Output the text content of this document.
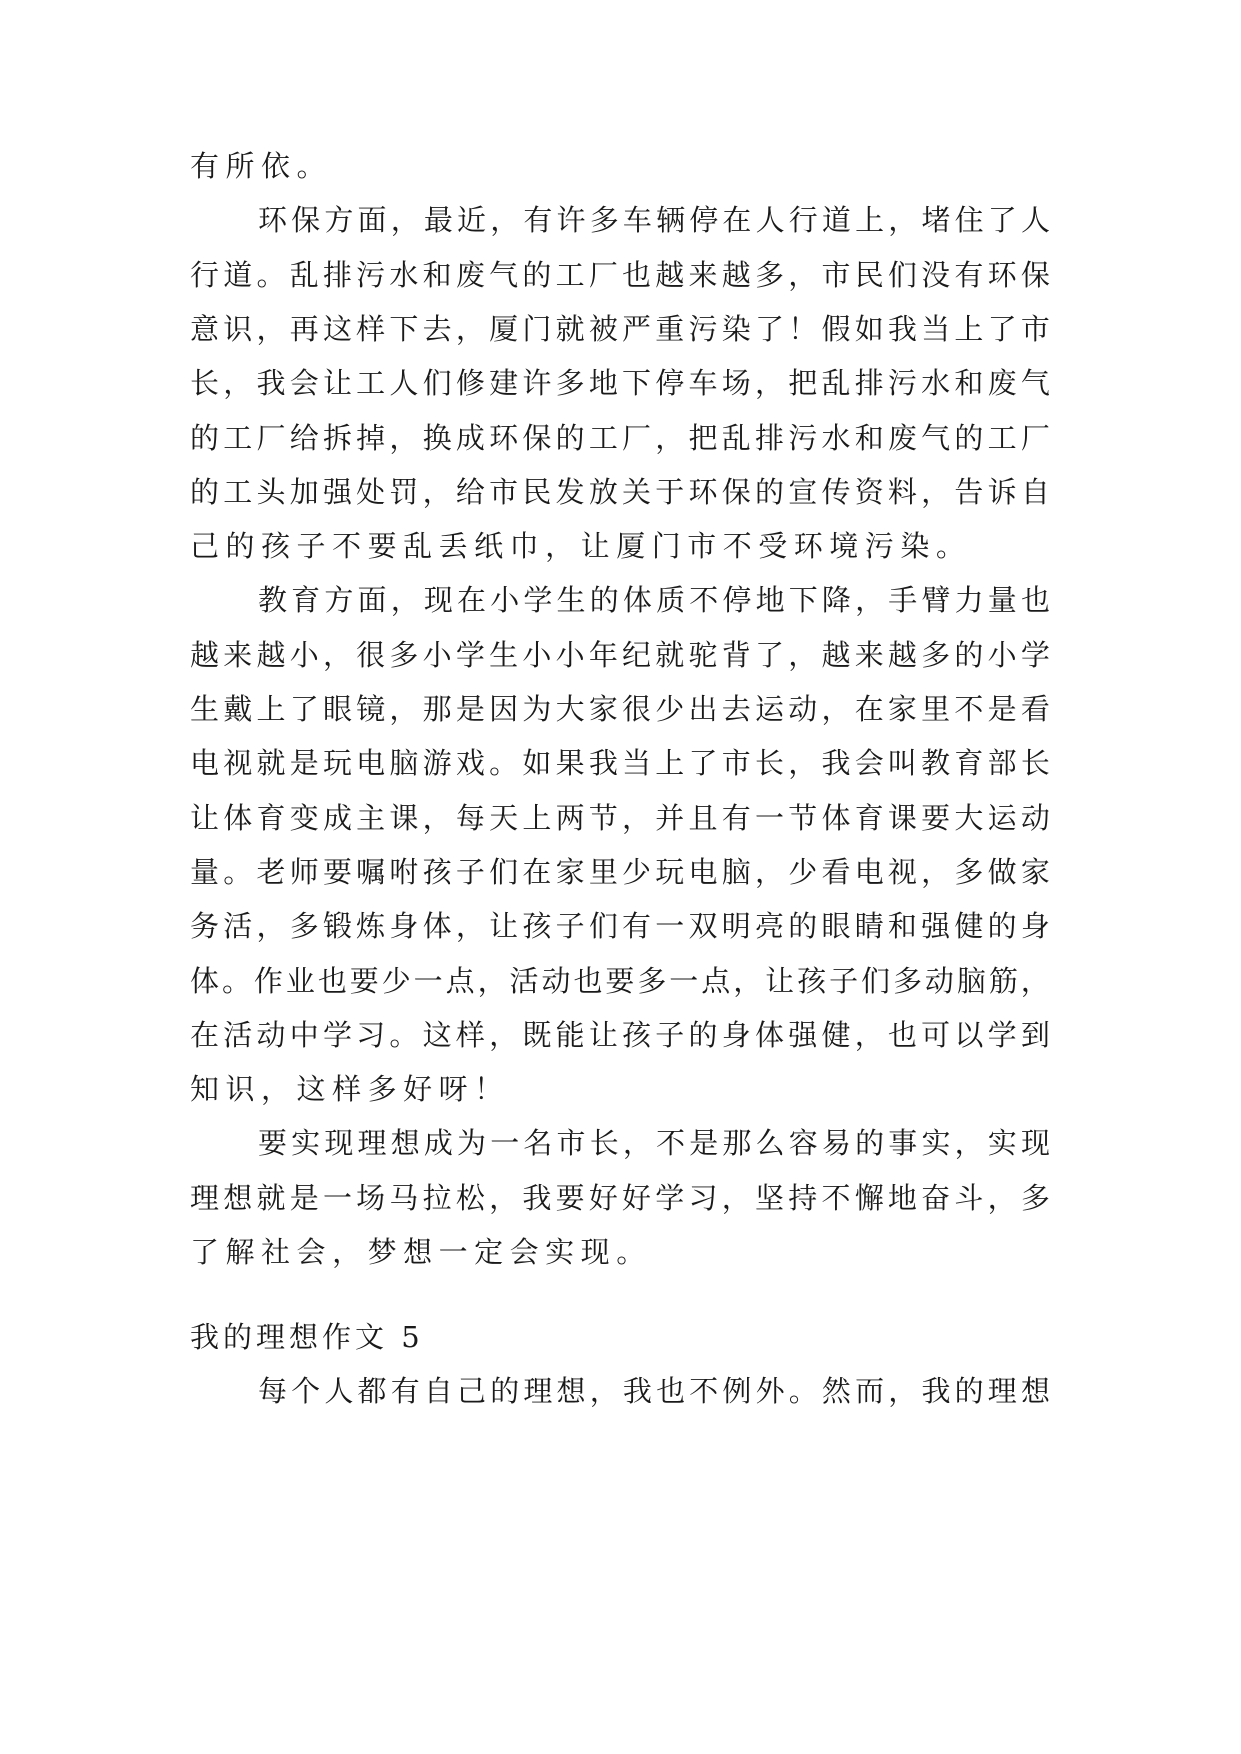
有 所 依 。
环 保 方 面 ， 最 近 ， 有 许 多 车 辆 停 在 人 行 道 上 ， 堵 住 了 人
行 道 。 乱 排 污 水 和 废 气 的 工 厂 也 越 来 越 多 ， 市 民 们 没 有 环 保
意 识 ， 再 这 样 下 去 ， 厦 门 就 被 严 重 污 染 了 ！ 假 如 我 当 上 了 市
长 ， 我 会 让 工 人 们 修 建 许 多 地 下 停 车 场 ， 把 乱 排 污 水 和 废 气
的 工 厂 给 拆 掉 ， 换 成 环 保 的 工 厂 ， 把 乱 排 污 水 和 废 气 的 工 厂
的 工 头 加 强 处 罚 ， 给 市 民 发 放 关 于 环 保 的 宣 传 资 料 ， 告 诉 自
己 的 孩 子 不 要 乱 丢 纸 巾 ， 让 厦 门 市 不 受 环 境 污 染 。
教 育 方 面 ， 现 在 小 学 生 的 体 质 不 停 地 下 降 ， 手 臂 力 量 也
越 来 越 小 ， 很 多 小 学 生 小 小 年 纪 就 驼 背 了 ， 越 来 越 多 的 小 学
生 戴 上 了 眼 镜 ， 那 是 因 为 大 家 很 少 出 去 运 动 ， 在 家 里 不 是 看
电 视 就 是 玩 电 脑 游 戏 。 如 果 我 当 上 了 市 长 ， 我 会 叫 教 育 部 长
让 体 育 变 成 主 课 ， 每 天 上 两 节 ， 并 且 有 一 节 体 育 课 要 大 运 动
量 。 老 师 要 嘱 咐 孩 子 们 在 家 里 少 玩 电 脑 ， 少 看 电 视 ， 多 做 家
务 活 ， 多 锻 炼 身 体 ， 让 孩 子 们 有 一 双 明 亮 的 眼 睛 和 强 健 的 身
体 。 作 业 也 要 少 一 点 ， 活 动 也 要 多 一 点 ， 让 孩 子 们 多 动 脑 筋 ，
在 活 动 中 学 习 。 这 样 ， 既 能 让 孩 子 的 身 体 强 健 ， 也 可 以 学 到
知 识 ， 这 样 多 好 呀 ！
要 实 现 理 想 成 为 一 名 市 长 ， 不 是 那 么 容 易 的 事 实 ， 实 现
理 想 就 是 一 场 马 拉 松 ， 我 要 好 好 学 习 ， 坚 持 不 懈 地 奋 斗 ， 多
了 解 社 会 ， 梦 想 一 定 会 实 现 。
我的理想作文 5
每 个 人 都 有 自 己 的 理 想 ， 我 也 不 例 外 。 然 而 ， 我 的 理 想
